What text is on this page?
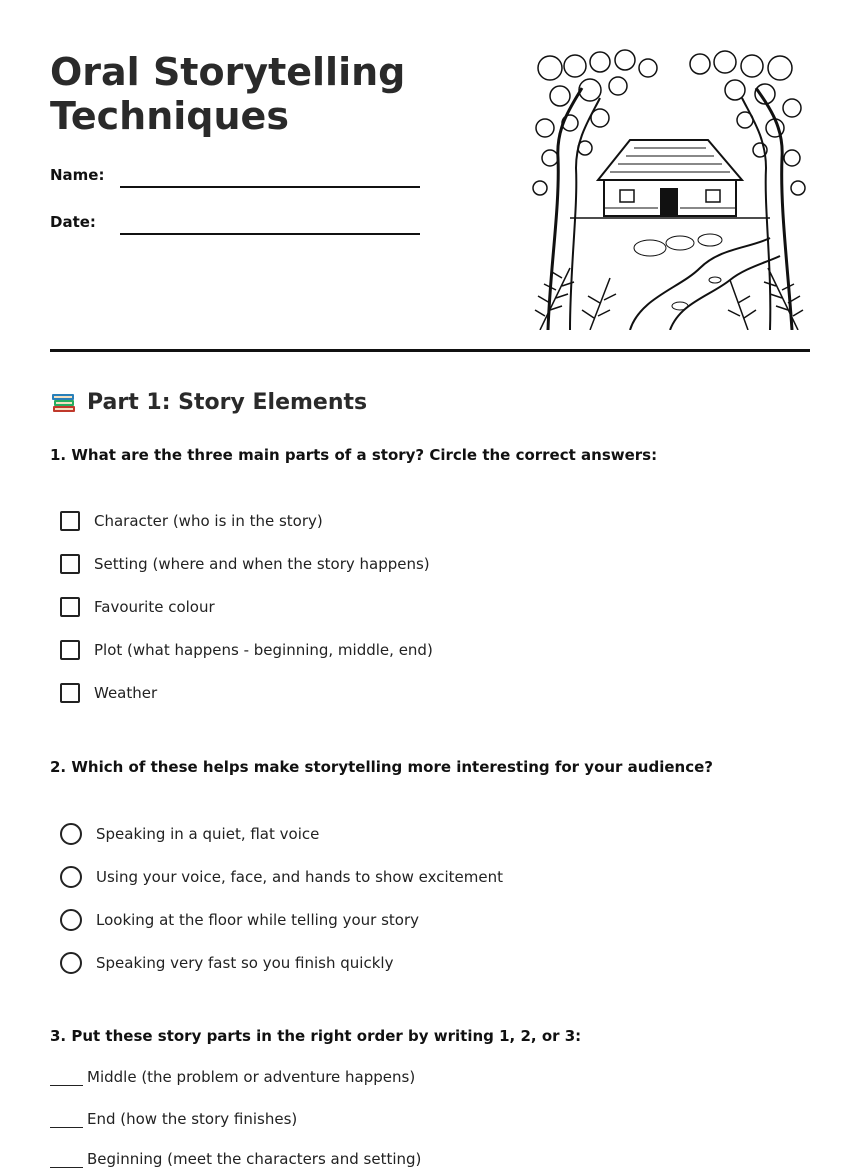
Oral Storytelling Techniques
Name:
Date:
Part 1: Story Elements

1. What are the three main parts of a story? Circle the correct answers:

Character (who is in the story)
Setting (where and when the story happens)
Favourite colour
Plot (what happens - beginning, middle, end)
Weather

2. Which of these helps make storytelling more interesting for your audience?

Speaking in a quiet, flat voice
Using your voice, face, and hands to show excitement
Looking at the floor while telling your story
Speaking very fast so you finish quickly

3. Put these story parts in the right order by writing 1, 2, or 3:

Middle (the problem or adventure happens)
End (how the story finishes)
Beginning (meet the characters and setting)
